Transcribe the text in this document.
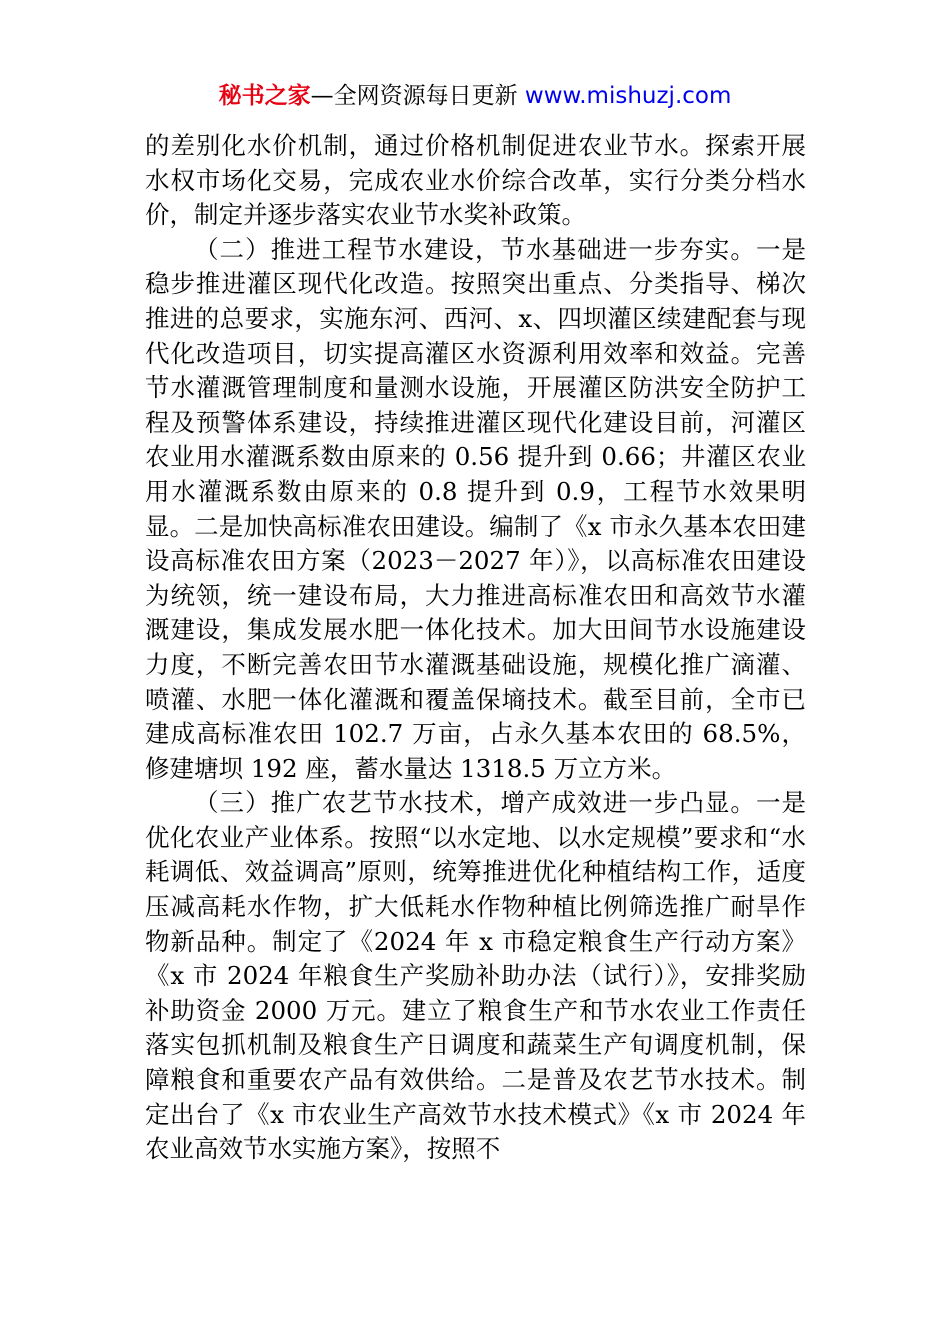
秘书之家—全网资源每日更新 www.mishuzj.com

的差别化水价机制，通过价格机制促进农业节水。探索开展水权市场化交易，完成农业水价综合改革，实行分类分档水价，制定并逐步落实农业节水奖补政策。

（二）推进工程节水建设，节水基础进一步夯实。一是稳步推进灌区现代化改造。按照突出重点、分类指导、梯次推进的总要求，实施东河、西河、x、四坝灌区续建配套与现代化改造项目，切实提高灌区水资源利用效率和效益。完善节水灌溉管理制度和量测水设施，开展灌区防洪安全防护工程及预警体系建设，持续推进灌区现代化建设目前，河灌区农业用水灌溉系数由原来的 0.56 提升到 0.66；井灌区农业用水灌溉系数由原来的 0.8 提升到 0.9，工程节水效果明显。二是加快高标准农田建设。编制了《x 市永久基本农田建设高标准农田方案（2023－2027 年）》，以高标准农田建设为统领，统一建设布局，大力推进高标准农田和高效节水灌溉建设，集成发展水肥一体化技术。加大田间节水设施建设力度，不断完善农田节水灌溉基础设施，规模化推广滴灌、喷灌、水肥一体化灌溉和覆盖保墒技术。截至目前，全市已建成高标准农田 102.7 万亩，占永久基本农田的 68.5%，修建塘坝 192 座，蓄水量达 1318.5 万立方米。

（三）推广农艺节水技术，增产成效进一步凸显。一是优化农业产业体系。按照“以水定地、以水定规模”要求和“水耗调低、效益调高”原则，统筹推进优化种植结构工作，适度压减高耗水作物，扩大低耗水作物种植比例筛选推广耐旱作物新品种。制定了《2024 年 x 市稳定粮食生产行动方案》《x 市 2024 年粮食生产奖励补助办法（试行）》，安排奖励补助资金 2000 万元。建立了粮食生产和节水农业工作责任落实包抓机制及粮食生产日调度和蔬菜生产旬调度机制，保障粮食和重要农产品有效供给。二是普及农艺节水技术。制定出台了《x 市农业生产高效节水技术模式》《x 市 2024 年农业高效节水实施方案》，按照不
